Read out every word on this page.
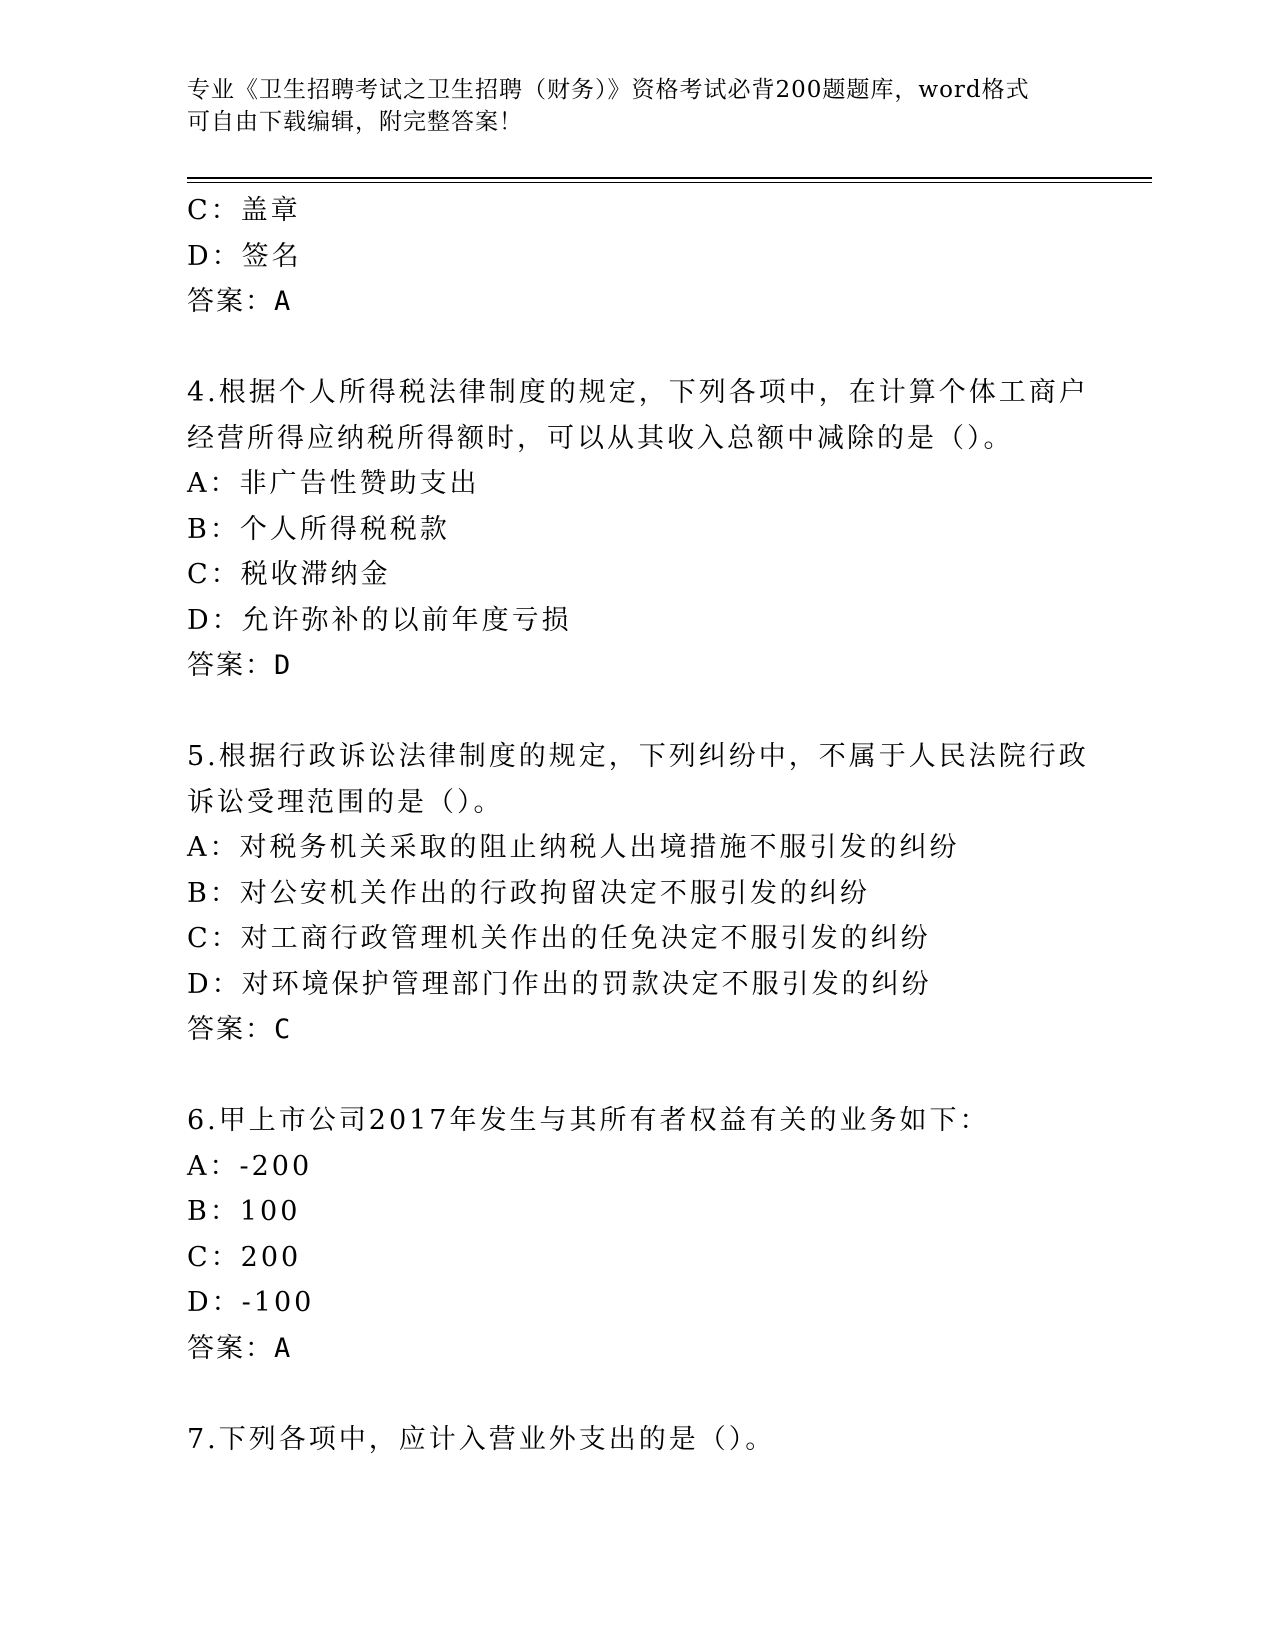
专业《卫生招聘考试之卫生招聘（财务）》资格考试必背200题题库，word格式
可自由下载编辑，附完整答案！
C：盖章
D：签名
答案：A
4.根据个人所得税法律制度的规定，下列各项中，在计算个体工商户
经营所得应纳税所得额时，可以从其收入总额中减除的是（）。
A：非广告性赞助支出
B：个人所得税税款
C：税收滞纳金
D：允许弥补的以前年度亏损
答案：D
5.根据行政诉讼法律制度的规定，下列纠纷中，不属于人民法院行政
诉讼受理范围的是（）。
A：对税务机关采取的阻止纳税人出境措施不服引发的纠纷
B：对公安机关作出的行政拘留决定不服引发的纠纷
C：对工商行政管理机关作出的任免决定不服引发的纠纷
D：对环境保护管理部门作出的罚款决定不服引发的纠纷
答案：C
6.甲上市公司2017年发生与其所有者权益有关的业务如下：
A：-200
B：100
C：200
D：-100
答案：A
7.下列各项中，应计入营业外支出的是（）。
